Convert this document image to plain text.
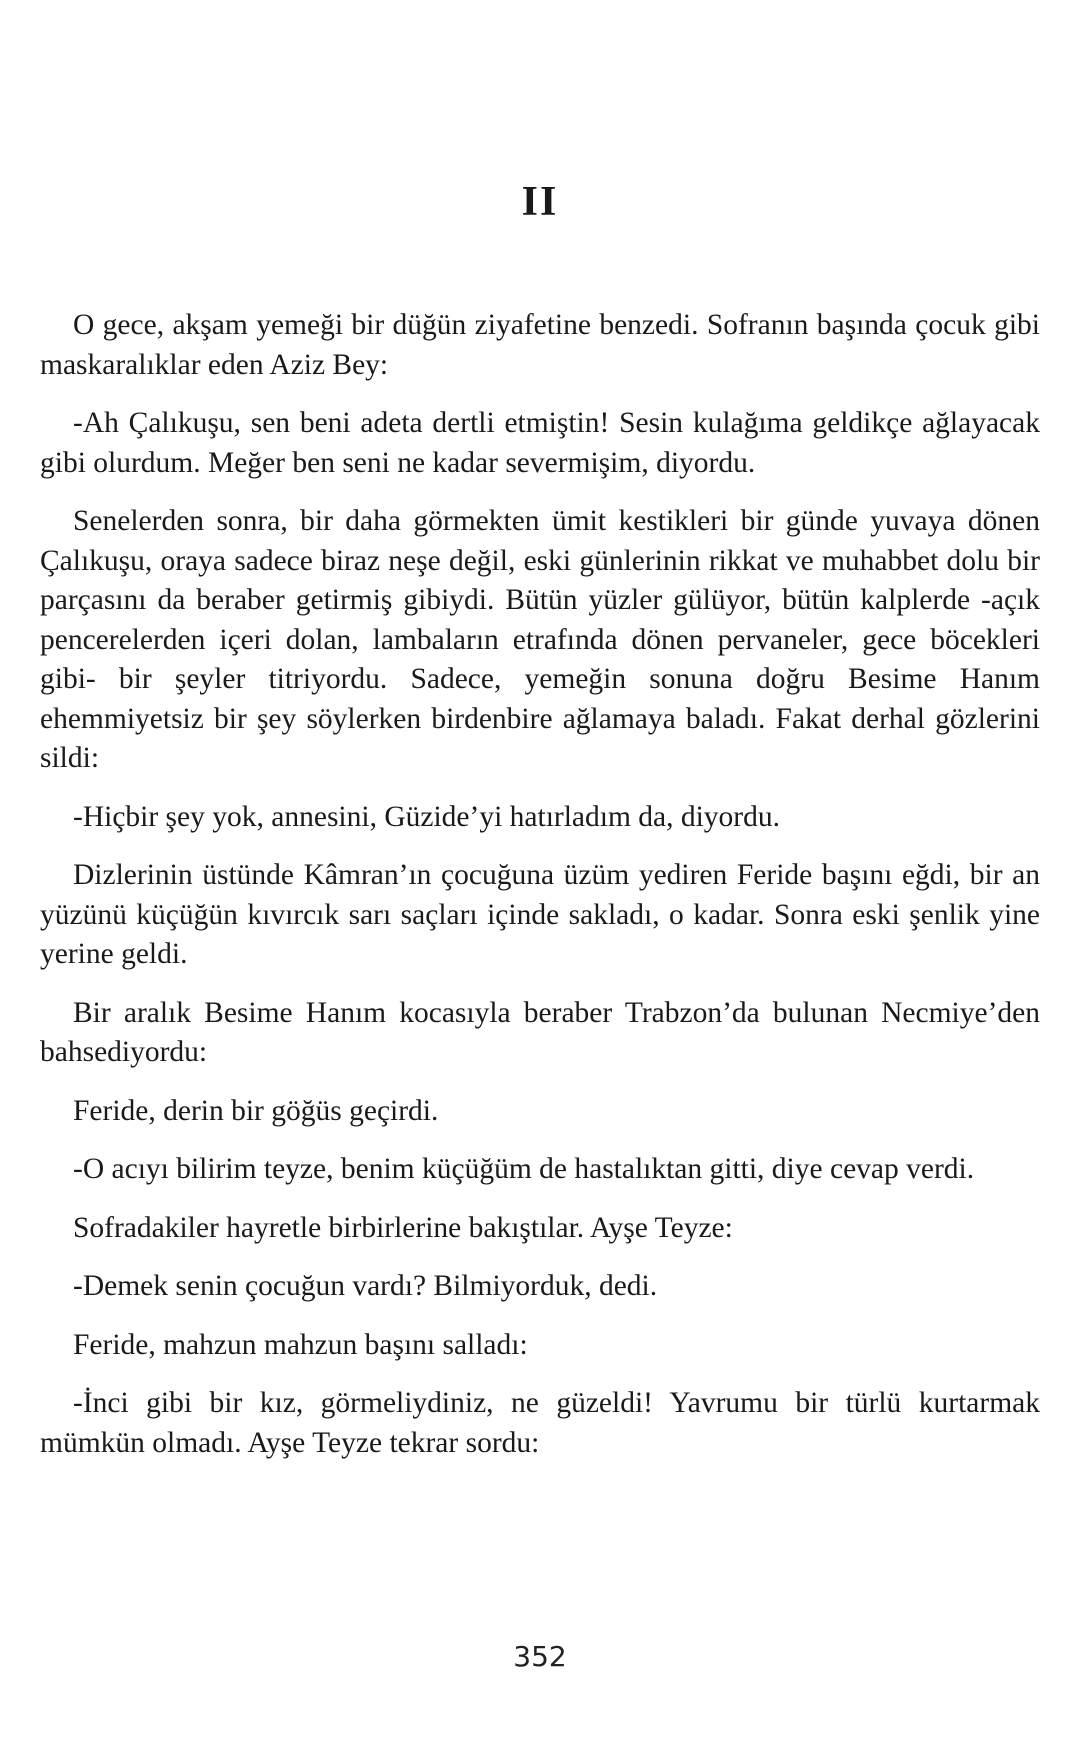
II

O gece, akşam yemeği bir düğün ziyafetine benzedi. Sofranın başında çocuk gibi maskaralıklar eden Aziz Bey:

-Ah Çalıkuşu, sen beni adeta dertli etmiştin! Sesin kulağıma geldikçe ağlayacak gibi olurdum. Meğer ben seni ne kadar severmişim, diyordu.

Senelerden sonra, bir daha görmekten ümit kestikleri bir günde yuvaya dönen Çalıkuşu, oraya sadece biraz neşe değil, eski günlerinin rikkat ve muhabbet dolu bir parçasını da beraber getirmiş gibiydi. Bütün yüzler gülüyor, bütün kalplerde -açık pencerelerden içeri dolan, lambaların etrafında dönen pervaneler, gece böcekleri gibi- bir şeyler titriyordu. Sadece, yemeğin sonuna doğru Besime Hanım ehemmiyetsiz bir şey söylerken birdenbire ağlamaya baladı. Fakat derhal gözlerini sildi:

-Hiçbir şey yok, annesini, Güzide’yi hatırladım da, diyordu.

Dizlerinin üstünde Kâmran’ın çocuğuna üzüm yediren Feride başını eğdi, bir an yüzünü küçüğün kıvırcık sarı saçları içinde sakladı, o kadar. Sonra eski şenlik yine yerine geldi.

Bir aralık Besime Hanım kocasıyla beraber Trabzon’da bulunan Necmiye’den bahsediyordu:

Feride, derin bir göğüs geçirdi.

-O acıyı bilirim teyze, benim küçüğüm de hastalıktan gitti, diye cevap verdi.

Sofradakiler hayretle birbirlerine bakıştılar. Ayşe Teyze:

-Demek senin çocuğun vardı? Bilmiyorduk, dedi.

Feride, mahzun mahzun başını salladı:

-İnci gibi bir kız, görmeliydiniz, ne güzeldi! Yavrumu bir türlü kurtarmak mümkün olmadı. Ayşe Teyze tekrar sordu:

352
